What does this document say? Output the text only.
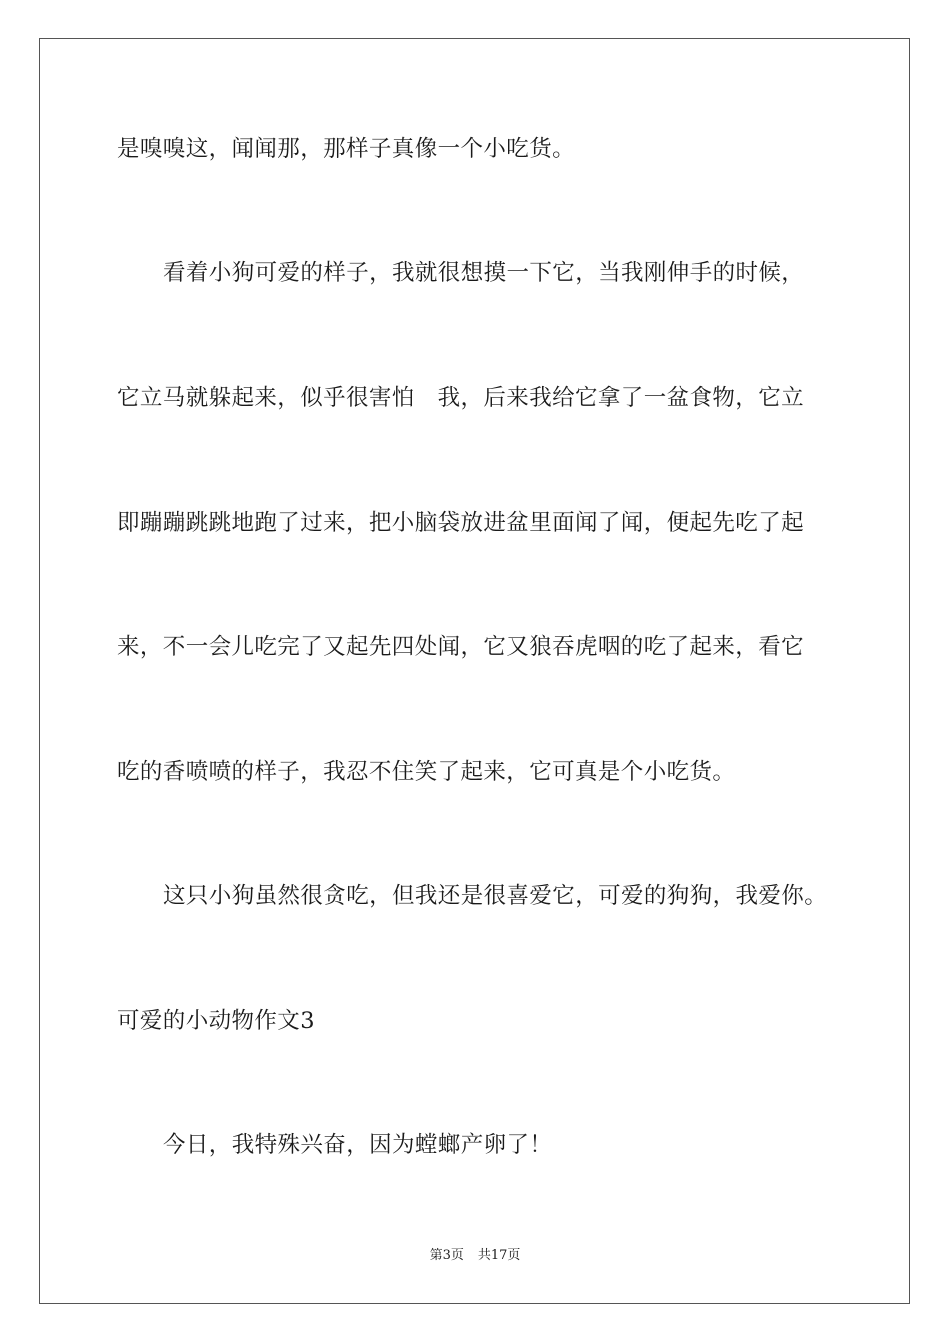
是嗅嗅这，闻闻那，那样子真像一个小吃货。
看着小狗可爱的样子，我就很想摸一下它，当我刚伸手的时候，
它立马就躲起来，似乎很害怕　我，后来我给它拿了一盆食物，它立
即蹦蹦跳跳地跑了过来，把小脑袋放进盆里面闻了闻，便起先吃了起
来，不一会儿吃完了又起先四处闻，它又狼吞虎咽的吃了起来，看它
吃的香喷喷的样子，我忍不住笑了起来，它可真是个小吃货。
这只小狗虽然很贪吃，但我还是很喜爱它，可爱的狗狗，我爱你。
可爱的小动物作文3
今日，我特殊兴奋，因为螳螂产卵了！
第3页 共17页
